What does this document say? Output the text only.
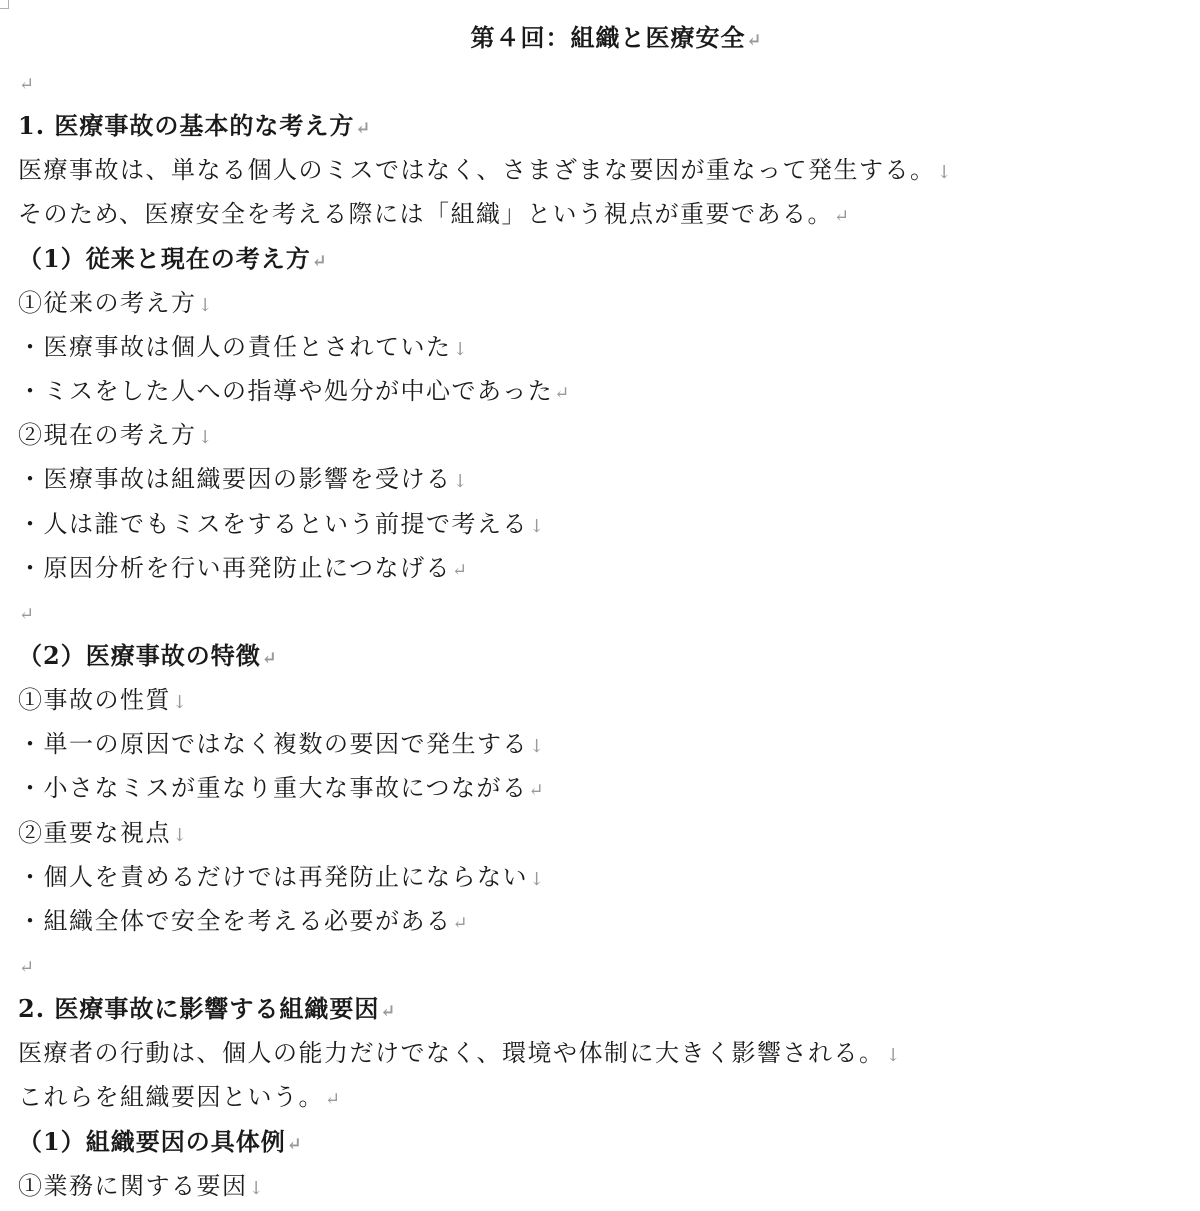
第４回：組織と医療安全↵
↵
1. 医療事故の基本的な考え方↵
医療事故は、単なる個人のミスではなく、さまざまな要因が重なって発生する。↓
そのため、医療安全を考える際には「組織」という視点が重要である。↵
（1）従来と現在の考え方↵
①従来の考え方↓
・医療事故は個人の責任とされていた↓
・ミスをした人への指導や処分が中心であった↵
②現在の考え方↓
・医療事故は組織要因の影響を受ける↓
・人は誰でもミスをするという前提で考える↓
・原因分析を行い再発防止につなげる↵
↵
（2）医療事故の特徴↵
①事故の性質↓
・単一の原因ではなく複数の要因で発生する↓
・小さなミスが重なり重大な事故につながる↵
②重要な視点↓
・個人を責めるだけでは再発防止にならない↓
・組織全体で安全を考える必要がある↵
↵
2. 医療事故に影響する組織要因↵
医療者の行動は、個人の能力だけでなく、環境や体制に大きく影響される。↓
これらを組織要因という。↵
（1）組織要因の具体例↵
①業務に関する要因↓
